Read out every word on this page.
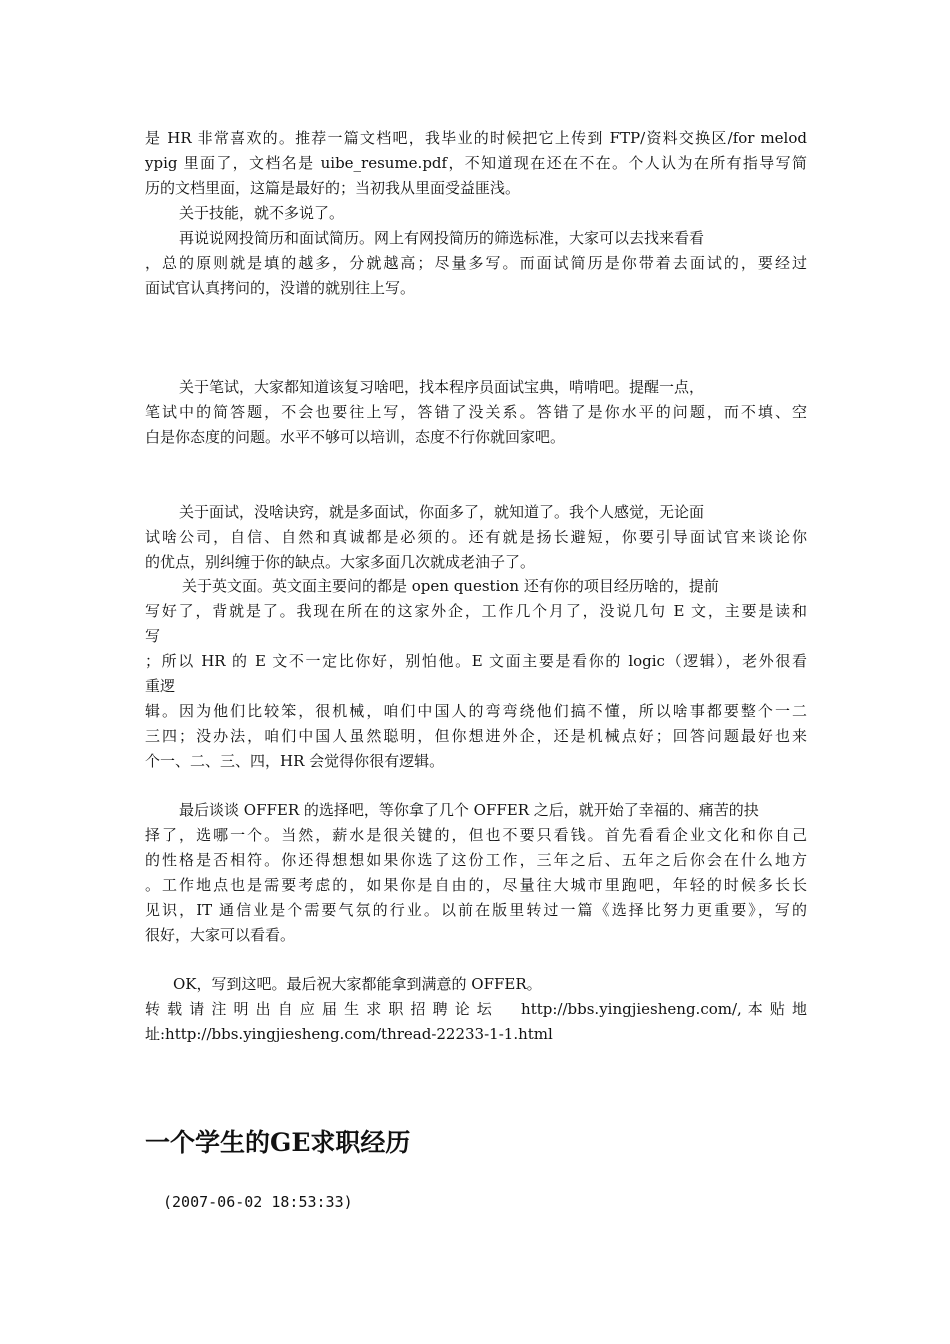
是 HR 非常喜欢的。推荐一篇文档吧，我毕业的时候把它上传到 FTP/资料交换区/for melod
ypig 里面了，文档名是 uibe_resume.pdf，不知道现在还在不在。个人认为在所有指导写简
历的文档里面，这篇是最好的；当初我从里面受益匪浅。
关于技能，就不多说了。
再说说网投简历和面试简历。网上有网投简历的筛选标准，大家可以去找来看看
，总的原则就是填的越多，分就越高；尽量多写。而面试简历是你带着去面试的，要经过
面试官认真拷问的，没谱的就别往上写。
关于笔试，大家都知道该复习啥吧，找本程序员面试宝典，啃啃吧。提醒一点，
笔试中的简答题，不会也要往上写，答错了没关系。答错了是你水平的问题，而不填、空
白是你态度的问题。水平不够可以培训，态度不行你就回家吧。
关于面试，没啥诀窍，就是多面试，你面多了，就知道了。我个人感觉，无论面
试啥公司，自信、自然和真诚都是必须的。还有就是扬长避短，你要引导面试官来谈论你
的优点，别纠缠于你的缺点。大家多面几次就成老油子了。
关于英文面。英文面主要问的都是 open question 还有你的项目经历啥的，提前
写好了，背就是了。我现在所在的这家外企，工作几个月了，没说几句 E 文，主要是读和
写
；所以 HR 的 E 文不一定比你好，别怕他。E 文面主要是看你的 logic（逻辑），老外很看
重逻
辑。因为他们比较笨，很机械，咱们中国人的弯弯绕他们搞不懂，所以啥事都要整个一二
三四；没办法，咱们中国人虽然聪明，但你想进外企，还是机械点好；回答问题最好也来
个一、二、三、四，HR 会觉得你很有逻辑。
最后谈谈 OFFER 的选择吧，等你拿了几个 OFFER 之后，就开始了幸福的、痛苦的抉
择了，选哪一个。当然，薪水是很关键的，但也不要只看钱。首先看看企业文化和你自己
的性格是否相符。你还得想想如果你选了这份工作，三年之后、五年之后你会在什么地方
。工作地点也是需要考虑的，如果你是自由的，尽量往大城市里跑吧，年轻的时候多长长
见识，IT 通信业是个需要气氛的行业。以前在版里转过一篇《选择比努力更重要》，写的
很好，大家可以看看。
OK，写到这吧。最后祝大家都能拿到满意的 OFFER。
转 载 请 注 明 出 自 应 届 生 求 职 招 聘 论 坛 　 http://bbs.yingjiesheng.com/, 本 贴 地
址:http://bbs.yingjiesheng.com/thread-22233-1-1.html
一个学生的GE求职经历
(2007-06-02 18:53:33)
